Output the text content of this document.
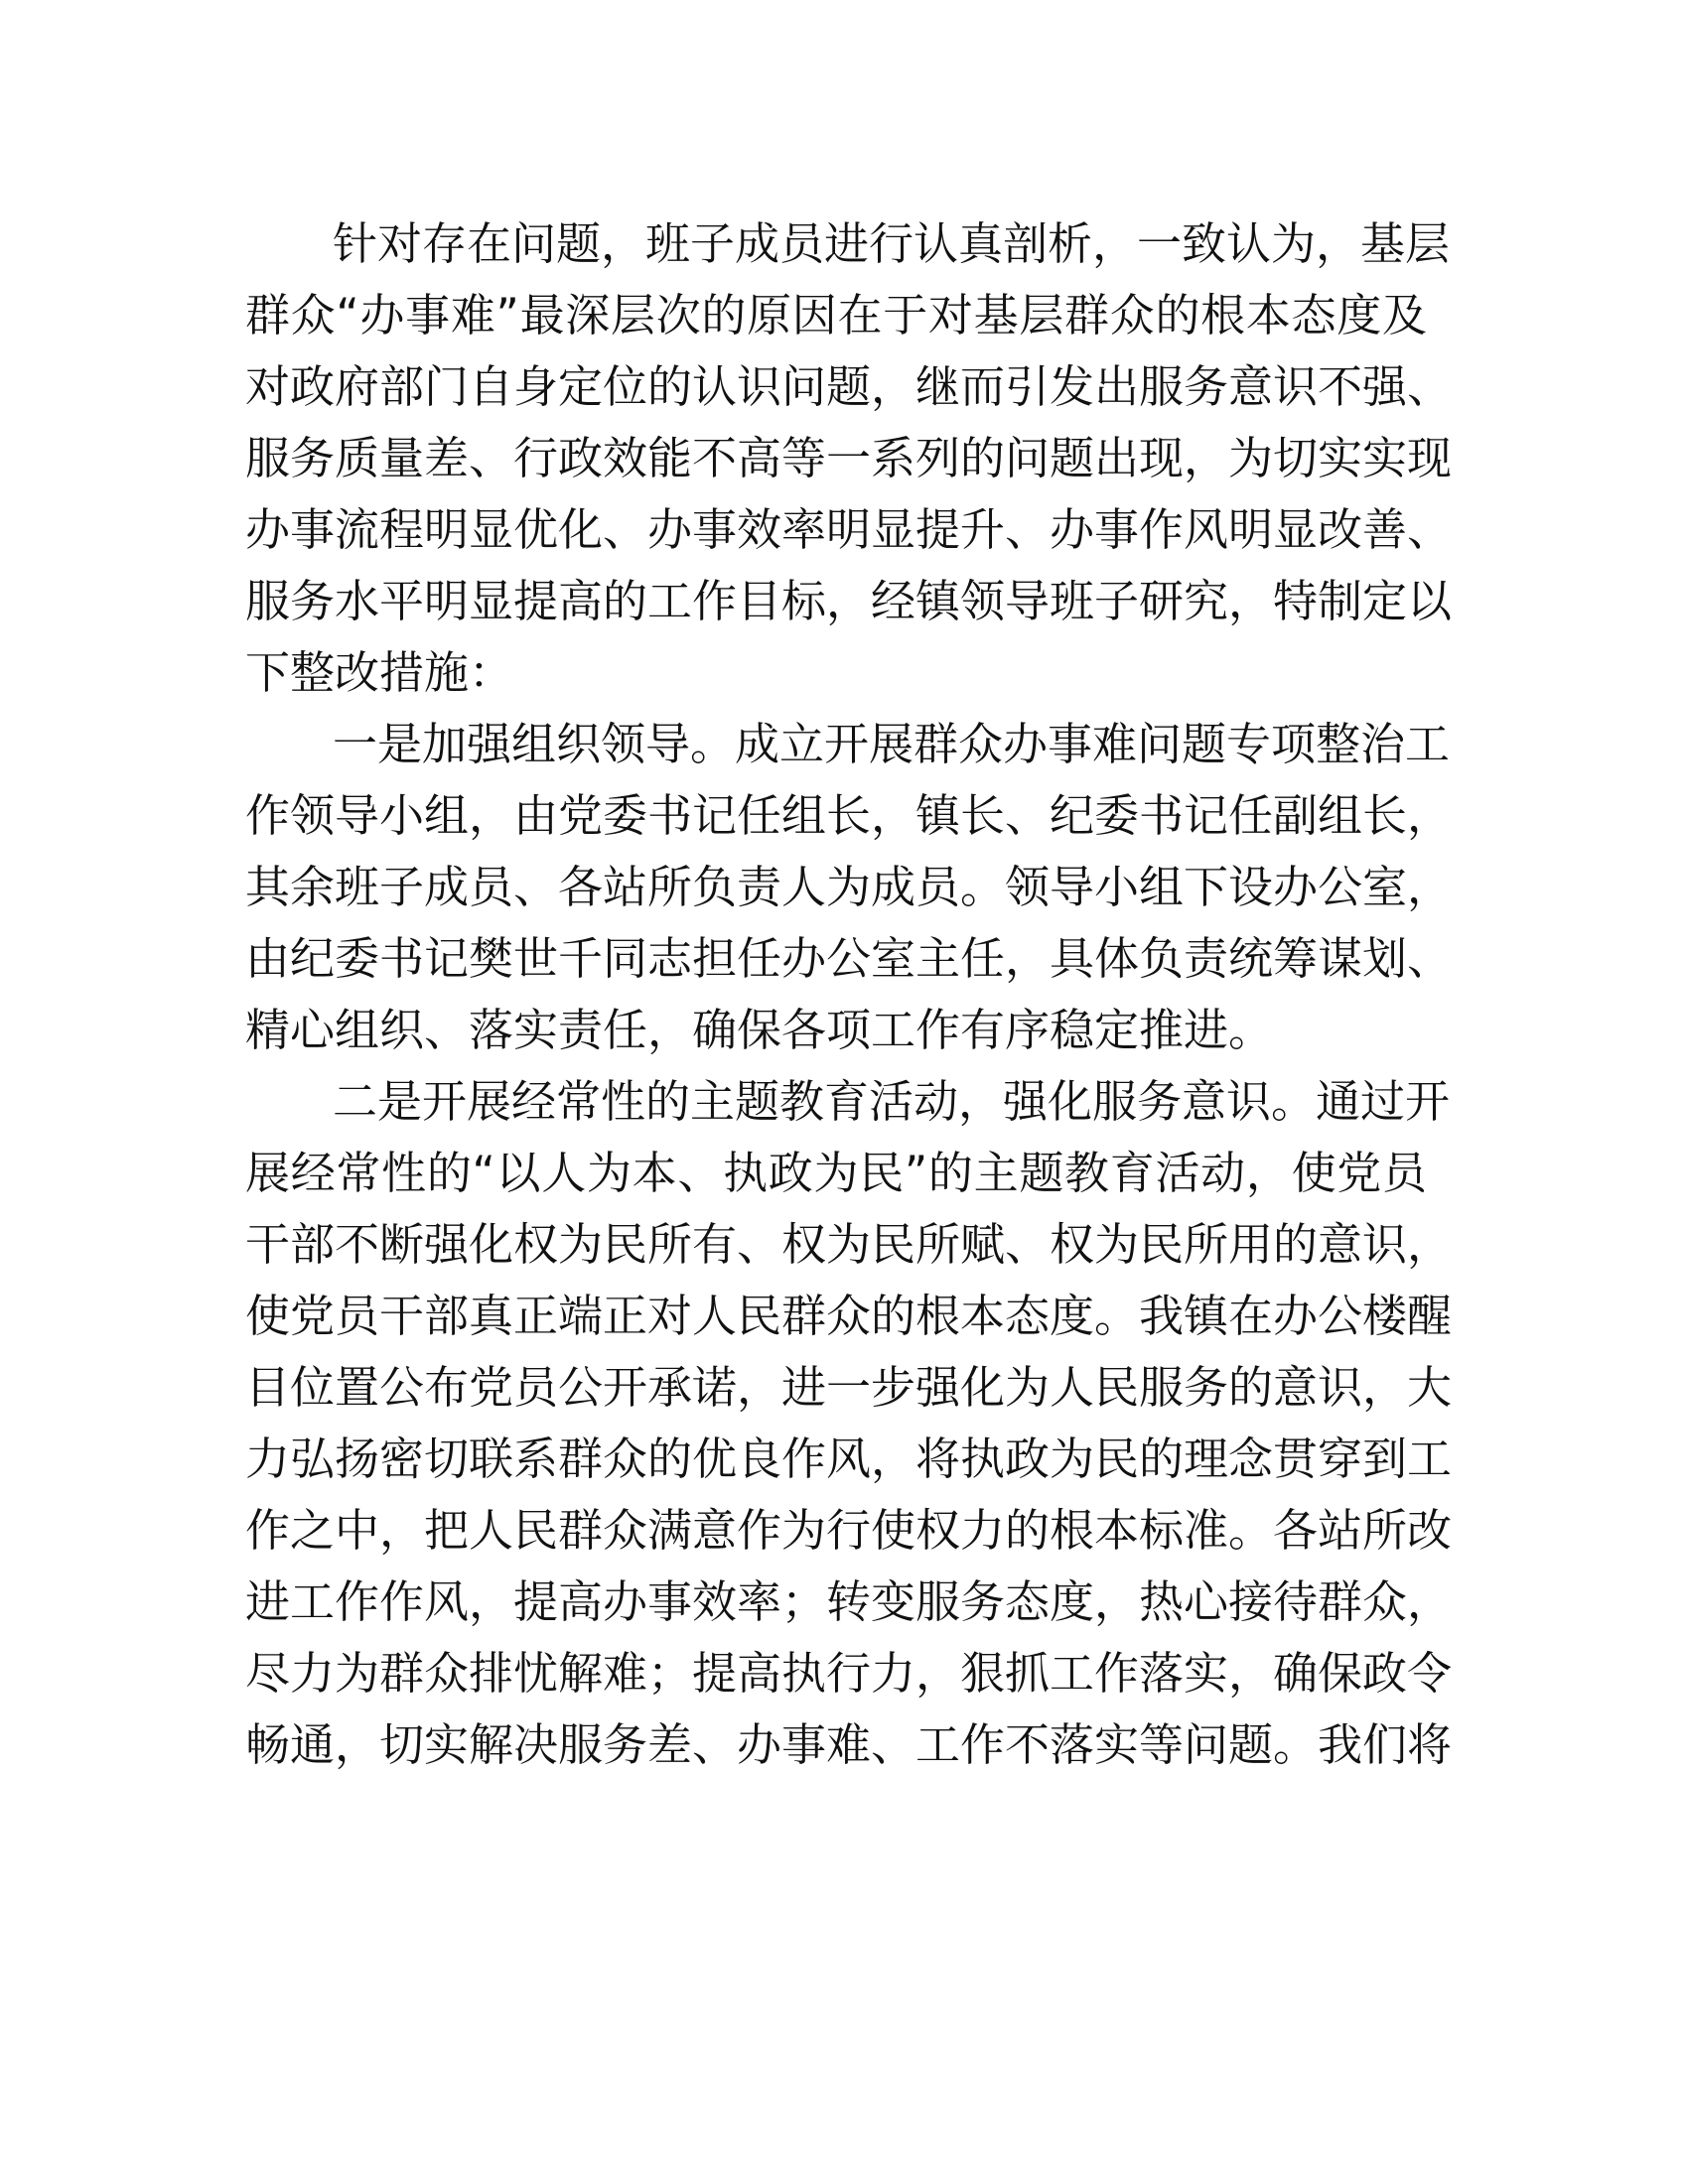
针对存在问题，班子成员进行认真剖析，一致认为，基层
群众“办事难”最深层次的原因在于对基层群众的根本态度及
对政府部门自身定位的认识问题，继而引发出服务意识不强、
服务质量差、行政效能不高等一系列的问题出现，为切实实现
办事流程明显优化、办事效率明显提升、办事作风明显改善、
服务水平明显提高的工作目标，经镇领导班子研究，特制定以
下整改措施：
一是加强组织领导。成立开展群众办事难问题专项整治工
作领导小组，由党委书记任组长，镇长、纪委书记任副组长，
其余班子成员、各站所负责人为成员。领导小组下设办公室，
由纪委书记樊世千同志担任办公室主任，具体负责统筹谋划、
精心组织、落实责任，确保各项工作有序稳定推进。
二是开展经常性的主题教育活动，强化服务意识。通过开
展经常性的“以人为本、执政为民”的主题教育活动，使党员
干部不断强化权为民所有、权为民所赋、权为民所用的意识，
使党员干部真正端正对人民群众的根本态度。我镇在办公楼醒
目位置公布党员公开承诺，进一步强化为人民服务的意识，大
力弘扬密切联系群众的优良作风，将执政为民的理念贯穿到工
作之中，把人民群众满意作为行使权力的根本标准。各站所改
进工作作风，提高办事效率；转变服务态度，热心接待群众，
尽力为群众排忧解难；提高执行力，狠抓工作落实，确保政令
畅通，切实解决服务差、办事难、工作不落实等问题。我们将
